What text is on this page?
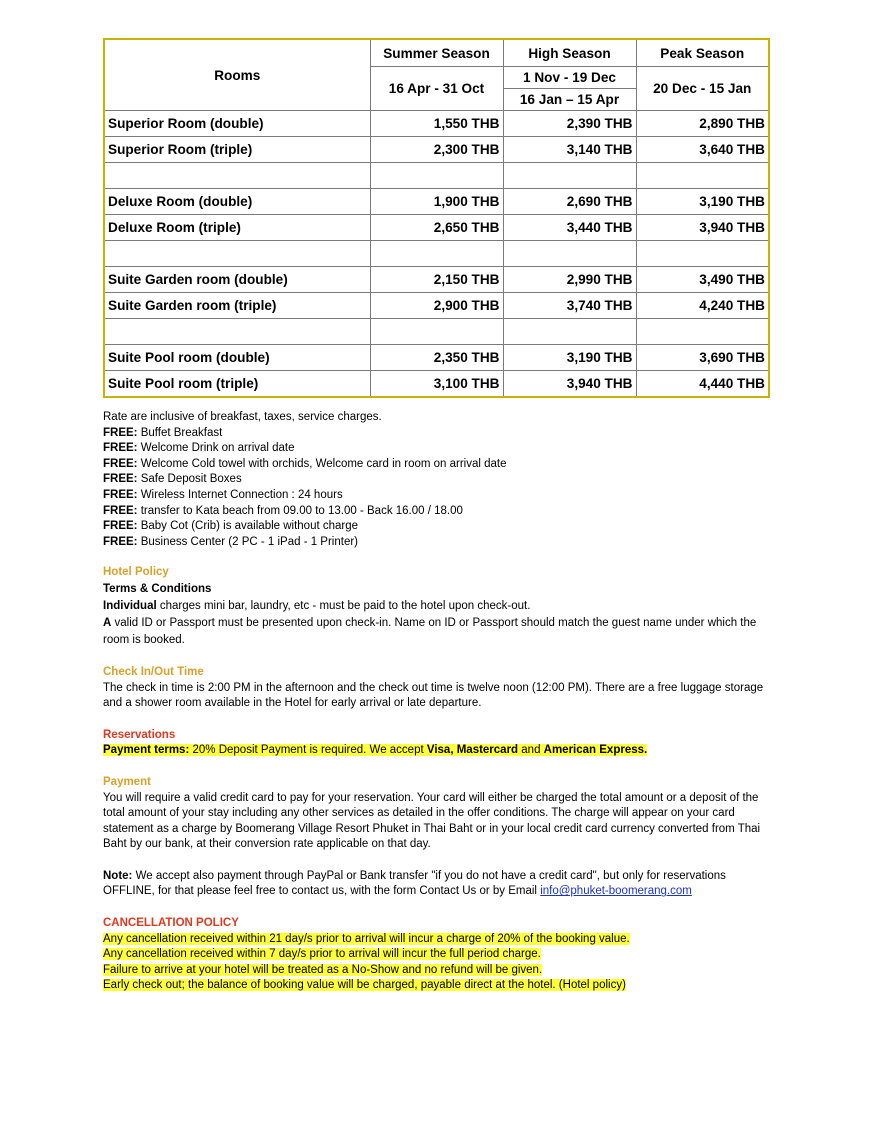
Rooms	Summer Season	High Season	Peak Season
	16 Apr - 31 Oct	1 Nov - 19 Dec	20 Dec - 15 Jan
		16 Jan – 15 Apr	
Superior Room (double)	1,550 THB	2,390 THB	2,890 THB
Superior Room (triple)	2,300 THB	3,140 THB	3,640 THB

Deluxe Room (double)	1,900 THB	2,690 THB	3,190 THB
Deluxe Room (triple)	2,650 THB	3,440 THB	3,940 THB

Suite Garden room (double)	2,150 THB	2,990 THB	3,490 THB
Suite Garden room (triple)	2,900 THB	3,740 THB	4,240 THB

Suite Pool room (double)	2,350 THB	3,190 THB	3,690 THB
Suite Pool room (triple)	3,100 THB	3,940 THB	4,440 THB

Rate are inclusive of breakfast, taxes, service charges.

FREE: Buffet Breakfast

FREE: Welcome Drink on arrival date

FREE: Welcome Cold towel with orchids, Welcome card in room on arrival date

FREE: Safe Deposit Boxes

FREE: Wireless Internet Connection : 24 hours

FREE: transfer to Kata beach from 09.00 to 13.00 - Back 16.00 / 18.00

FREE: Baby Cot (Crib) is available without charge

FREE: Business Center (2 PC - 1 iPad - 1 Printer)

Hotel Policy

Terms & Conditions

Individual charges mini bar, laundry, etc - must be paid to the hotel upon check-out.

A valid ID or Passport must be presented upon check-in. Name on ID or Passport should match the guest name under which the room is booked.

Check In/Out Time

The check in time is 2:00 PM in the afternoon and the check out time is twelve noon (12:00 PM). There are a free luggage storage and a shower room available in the Hotel for early arrival or late departure.

Reservations

Payment terms: 20% Deposit Payment is required. We accept Visa, Mastercard and American Express.

Payment

You will require a valid credit card to pay for your reservation. Your card will either be charged the total amount or a deposit of the total amount of your stay including any other services as detailed in the offer conditions. The charge will appear on your card statement as a charge by Boomerang Village Resort Phuket in Thai Baht or in your local credit card currency converted from Thai Baht by our bank, at their conversion rate applicable on that day.

Note: We accept also payment through PayPal or Bank transfer "if you do not have a credit card", but only for reservations OFFLINE, for that please feel free to contact us, with the form Contact Us or by Email info@phuket-boomerang.com

CANCELLATION POLICY

Any cancellation received within 21 day/s prior to arrival will incur a charge of 20% of the booking value.

Any cancellation received within 7 day/s prior to arrival will incur the full period charge.

Failure to arrive at your hotel will be treated as a No-Show and no refund will be given.

Early check out; the balance of booking value will be charged, payable direct at the hotel. (Hotel policy)
